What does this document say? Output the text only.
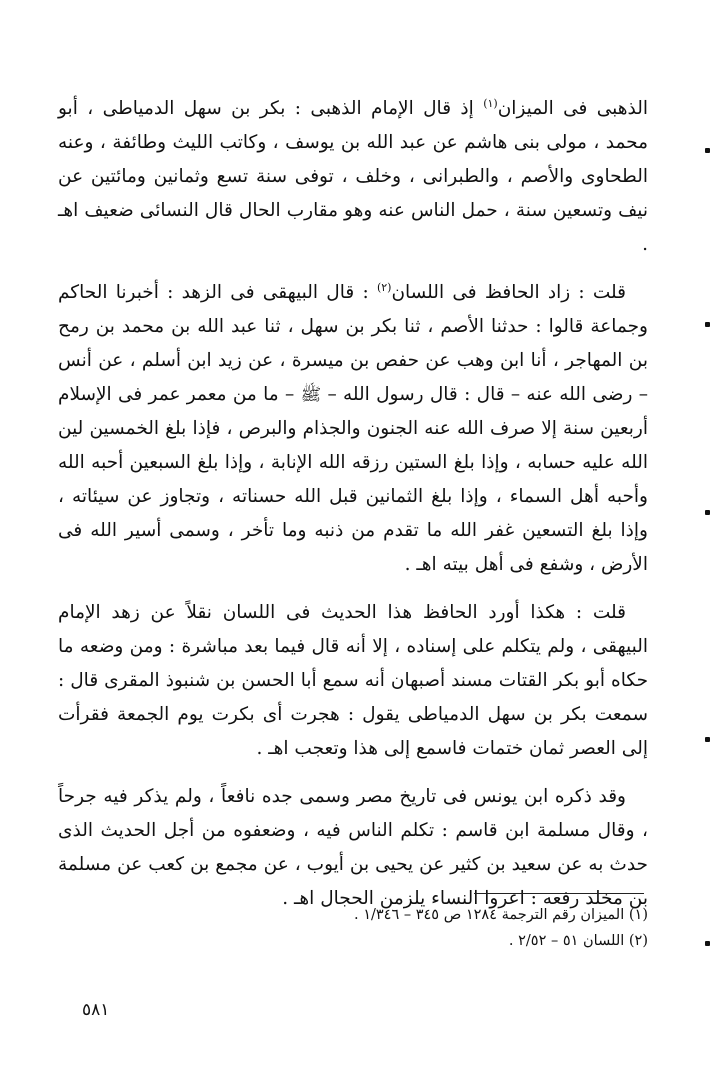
الذهبى فى الميزان$^{(١)}$ إذ قال الإمام الذهبى : بكر بن سهل الدمياطى ، أبو محمد ، مولى بنى هاشم عن عبد الله بن يوسف ، وكاتب الليث وطائفة ، وعنه الطحاوى والأصم ، والطبرانى ، وخلف ، توفى سنة تسع وثمانين ومائتين عن نيف وتسعين سنة ، حمل الناس عنه وهو مقارب الحال قال النسائى ضعيف اهـ .

قلت : زاد الحافظ فى اللسان$^{(٢)}$ : قال البيهقى فى الزهد : أخبرنا الحاكم وجماعة قالوا : حدثنا الأصم ، ثنا بكر بن سهل ، ثنا عبد الله بن محمد بن رمح بن المهاجر ، أنا ابن وهب عن حفص بن ميسرة ، عن زيد ابن أسلم ، عن أنس – رضى الله عنه – قال : قال رسول الله – ﷺ – ما من معمر عمر فى الإسلام أربعين سنة إلا صرف الله عنه الجنون والجذام والبرص ، فإذا بلغ الخمسين لين الله عليه حسابه ، وإذا بلغ الستين رزقه الله الإنابة ، وإذا بلغ السبعين أحبه الله وأحبه أهل السماء ، وإذا بلغ الثمانين قبل الله حسناته ، وتجاوز عن سيئاته ، وإذا بلغ التسعين غفر الله ما تقدم من ذنبه وما تأخر ، وسمى أسير الله فى الأرض ، وشفع فى أهل بيته اهـ .

قلت : هكذا أورد الحافظ هذا الحديث فى اللسان نقلاً عن زهد الإمام البيهقى ، ولم يتكلم على إسناده ، إلا أنه قال فيما بعد مباشرة : ومن وضعه ما حكاه أبو بكر القتات مسند أصبهان أنه سمع أبا الحسن بن شنبوذ المقرى قال : سمعت بكر بن سهل الدمياطى يقول : هجرت أى بكرت يوم الجمعة فقرأت إلى العصر ثمان ختمات فاسمع إلى هذا وتعجب اهـ .

وقد ذكره ابن يونس فى تاريخ مصر وسمى جده نافعاً ، ولم يذكر فيه جرحاً ، وقال مسلمة ابن قاسم : تكلم الناس فيه ، وضعفوه من أجل الحديث الذى حدث به عن سعيد بن كثير عن يحيى بن أيوب ، عن مجمع بن كعب عن مسلمة بن مخلد رفعه : اعروا النساء يلزمن الحجال اهـ .

(١) الميزان رقم الترجمة ١٢٨٤ ص ٣٤٥ – ١/٣٤٦ .

(٢) اللسان ٥١ – ٢/٥٢ .

٥٨١
